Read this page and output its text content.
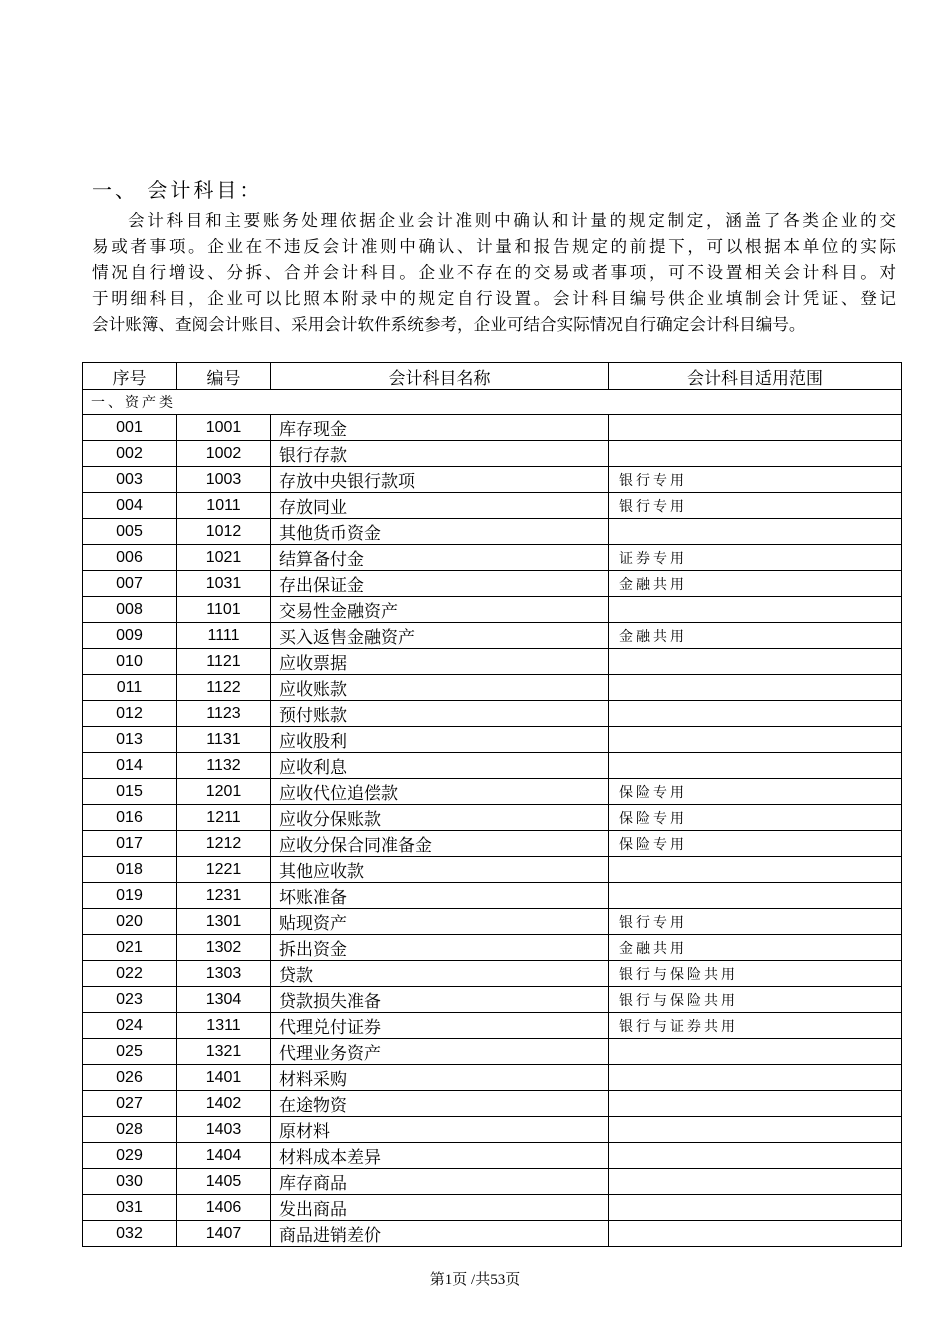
一、 会计科目：
会计科目和主要账务处理依据企业会计准则中确认和计量的规定制定，涵盖了各类企业的交
易或者事项。企业在不违反会计准则中确认、计量和报告规定的前提下，可以根据本单位的实际
情况自行增设、分拆、合并会计科目。企业不存在的交易或者事项，可不设置相关会计科目。对
于明细科目，企业可以比照本附录中的规定自行设置。会计科目编号供企业填制会计凭证、登记
会计账簿、查阅会计账目、采用会计软件系统参考，企业可结合实际情况自行确定会计科目编号。
序号	编号	会计科目名称	会计科目适用范围
一、资产类			
001	1001	库存现金	
002	1002	银行存款	
003	1003	存放中央银行款项	银行专用
004	1011	存放同业	银行专用
005	1012	其他货币资金	
006	1021	结算备付金	证券专用
007	1031	存出保证金	金融共用
008	1101	交易性金融资产	
009	1111	买入返售金融资产	金融共用
010	1121	应收票据	
011	1122	应收账款	
012	1123	预付账款	
013	1131	应收股利	
014	1132	应收利息	
015	1201	应收代位追偿款	保险专用
016	1211	应收分保账款	保险专用
017	1212	应收分保合同准备金	保险专用
018	1221	其他应收款	
019	1231	坏账准备	
020	1301	贴现资产	银行专用
021	1302	拆出资金	金融共用
022	1303	贷款	银行与保险共用
023	1304	贷款损失准备	银行与保险共用
024	1311	代理兑付证券	银行与证券共用
025	1321	代理业务资产	
026	1401	材料采购	
027	1402	在途物资	
028	1403	原材料	
029	1404	材料成本差异	
030	1405	库存商品	
031	1406	发出商品	
032	1407	商品进销差价	
第1页 /共53页
